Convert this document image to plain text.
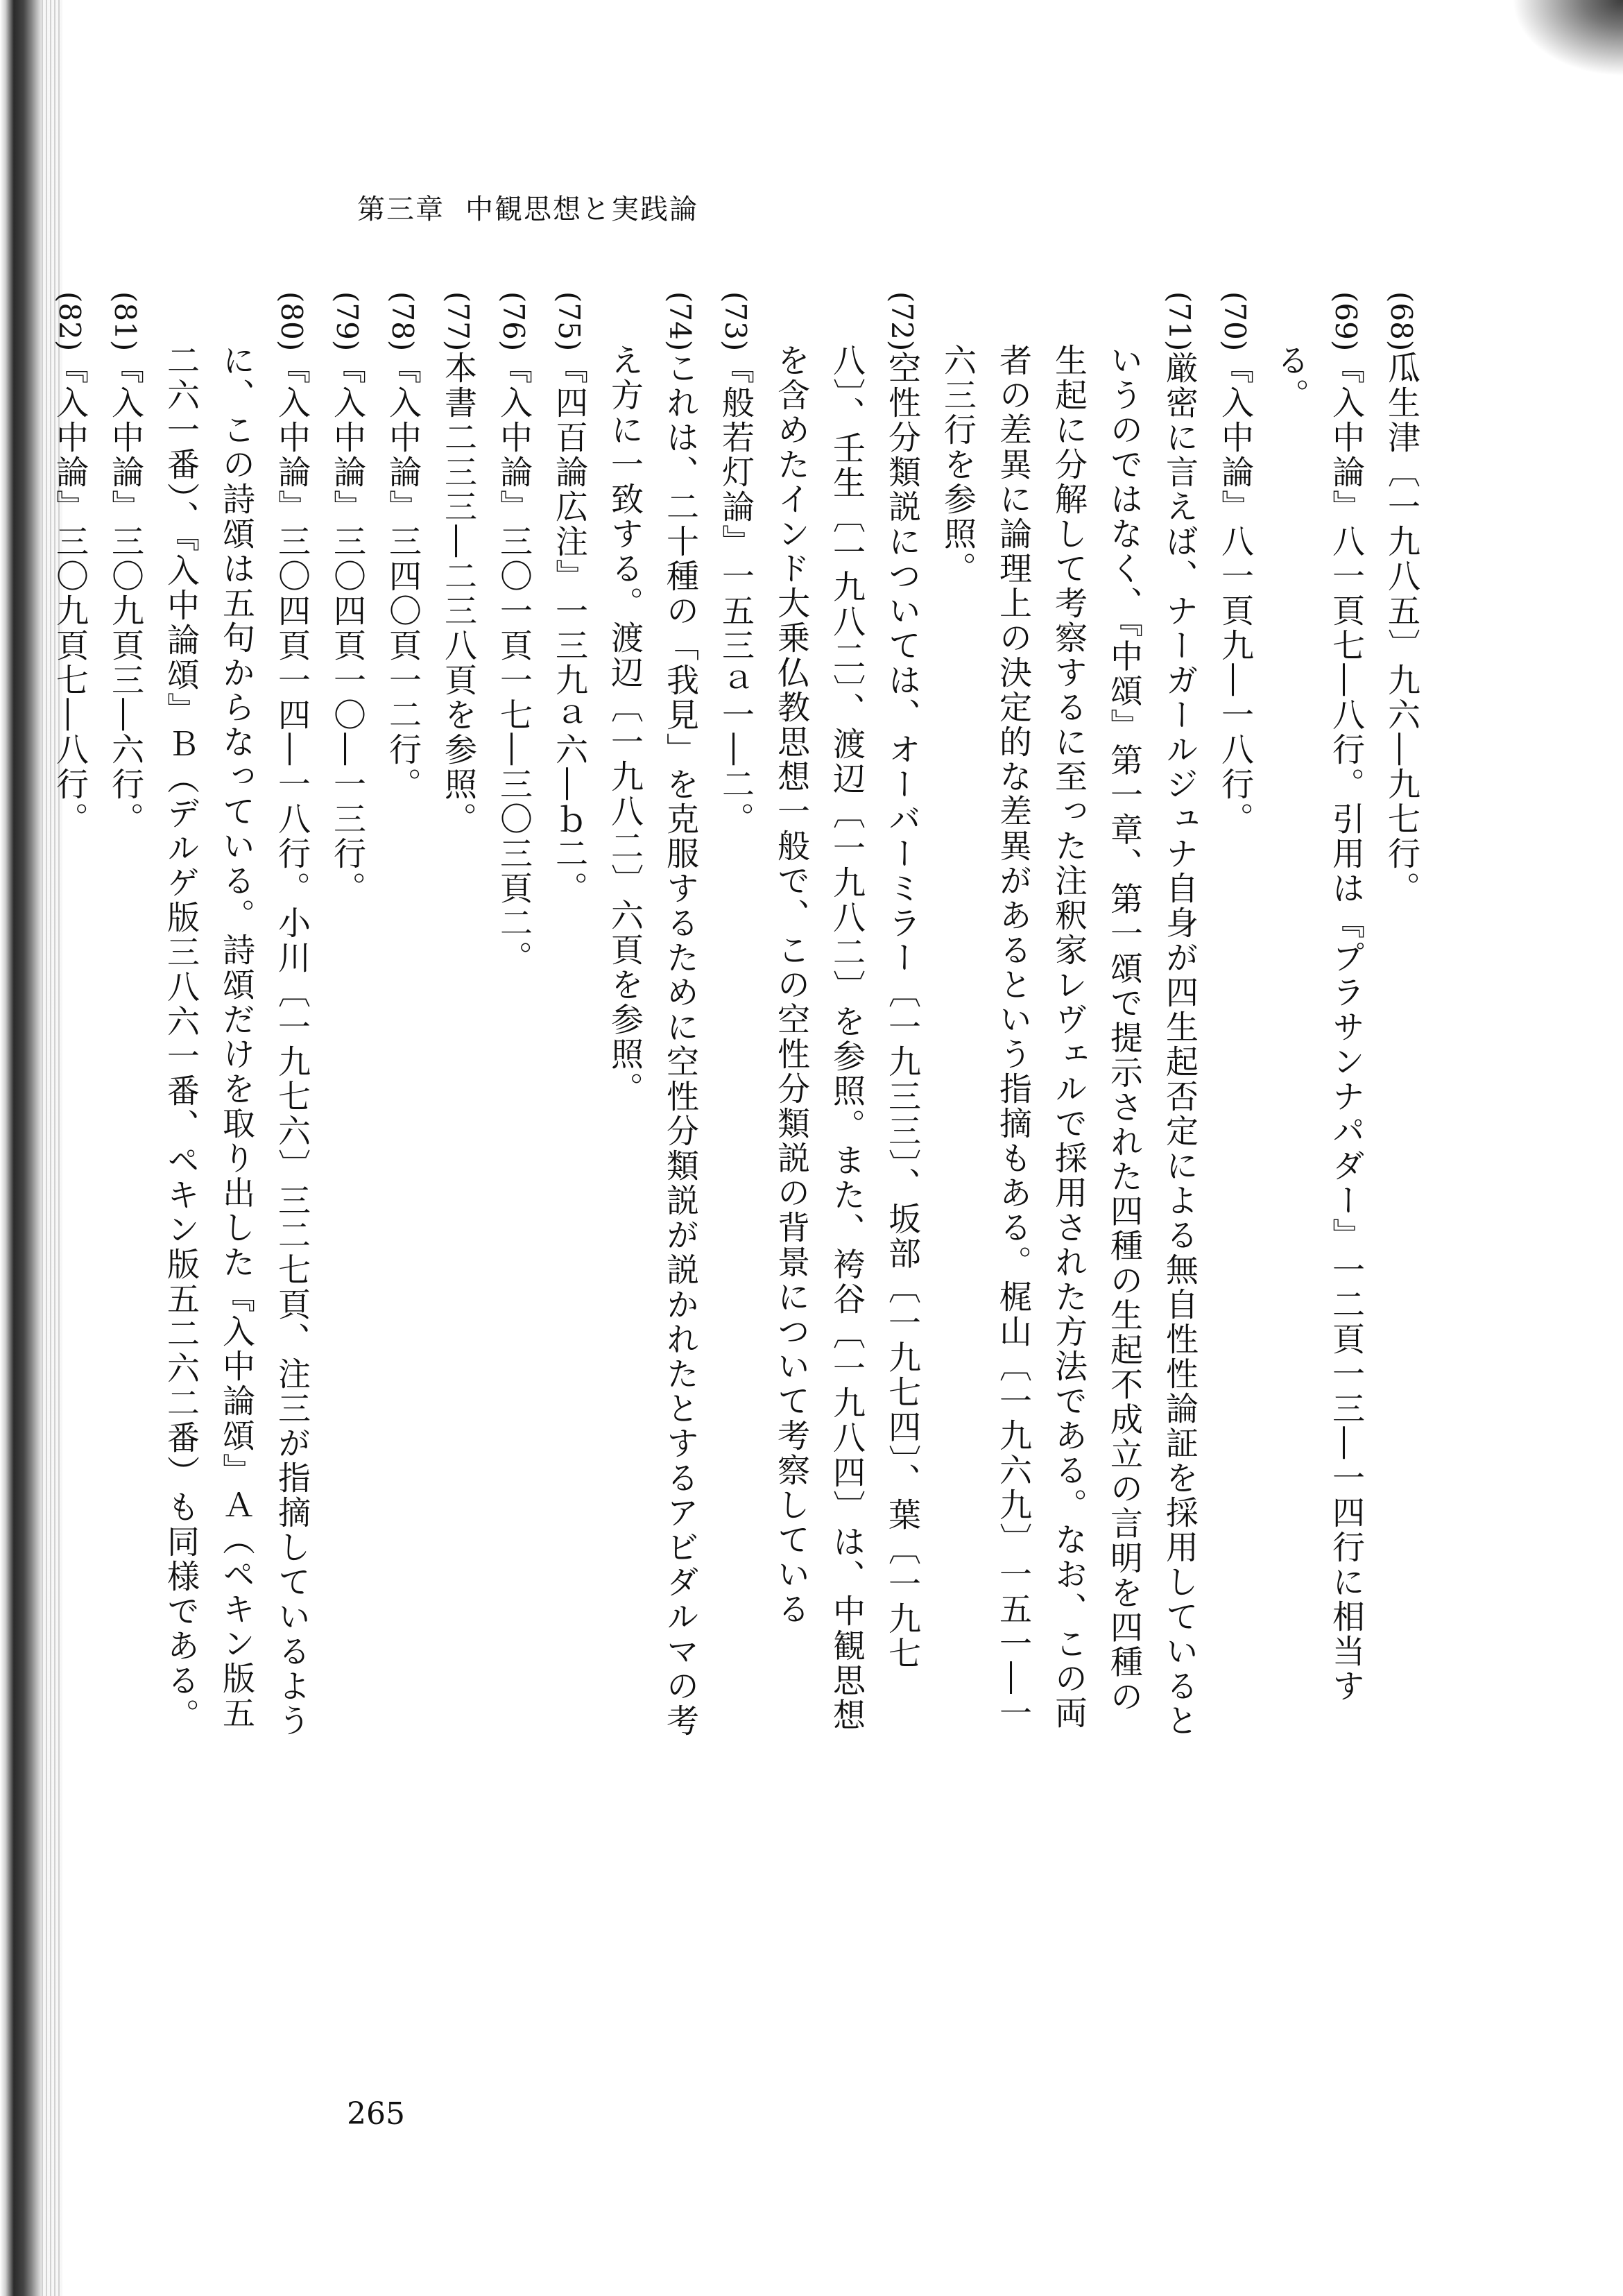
第三章 中観思想と実践論
(68)瓜生津〔一九八五〕九六―九七行。
(69)『入中論』八一頁七―八行。引用は『プラサンナパダー』一二頁一三―一四行に相当する。
(70)『入中論』八一頁九―一八行。
(71)厳密に言えば、ナーガールジュナ自身が四生起否定による無自性性論証を採用しているというのではなく、『中頌』第一章、第一頌で提示された四種の生起不成立の言明を四種の生起に分解して考察するに至った注釈家レヴェルで採用された方法である。なお、この両者の差異に論理上の決定的な差異があるという指摘もある。梶山〔一九六九〕一五一―一六三行を参照。
(72)空性分類説については、オーバーミラー〔一九三三〕、坂部〔一九七四〕、葉〔一九七八〕、壬生〔一九八二〕、渡辺〔一九八二〕を参照。また、袴谷〔一九八四〕は、中観思想を含めたインド大乗仏教思想一般で、この空性分類説の背景について考察している
(73)『般若灯論』一五三ａ一―二。
(74)これは、二十種の「我見」を克服するために空性分類説が説かれたとするアビダルマの考え方に一致する。渡辺〔一九八二〕六頁を参照。
(75)『四百論広注』一三九ａ六―ｂ二。
(76)『入中論』三〇一頁一七―三〇三頁二。
(77)本書二三三―二三八頁を参照。
(78)『入中論』三四〇頁一二行。
(79)『入中論』三〇四頁一〇―一三行。
(80)『入中論』三〇四頁一四―一八行。小川〔一九七六〕三二七頁、注三が指摘しているように、この詩頌は五句からなっている。詩頌だけを取り出した『入中論頌』Ａ（ペキン版五二六一番）、『入中論頌』Ｂ（デルゲ版三八六一番、ペキン版五二六二番）も同様である。
(81)『入中論』三〇九頁三―六行。
(82)『入中論』三〇九頁七―八行。
265
